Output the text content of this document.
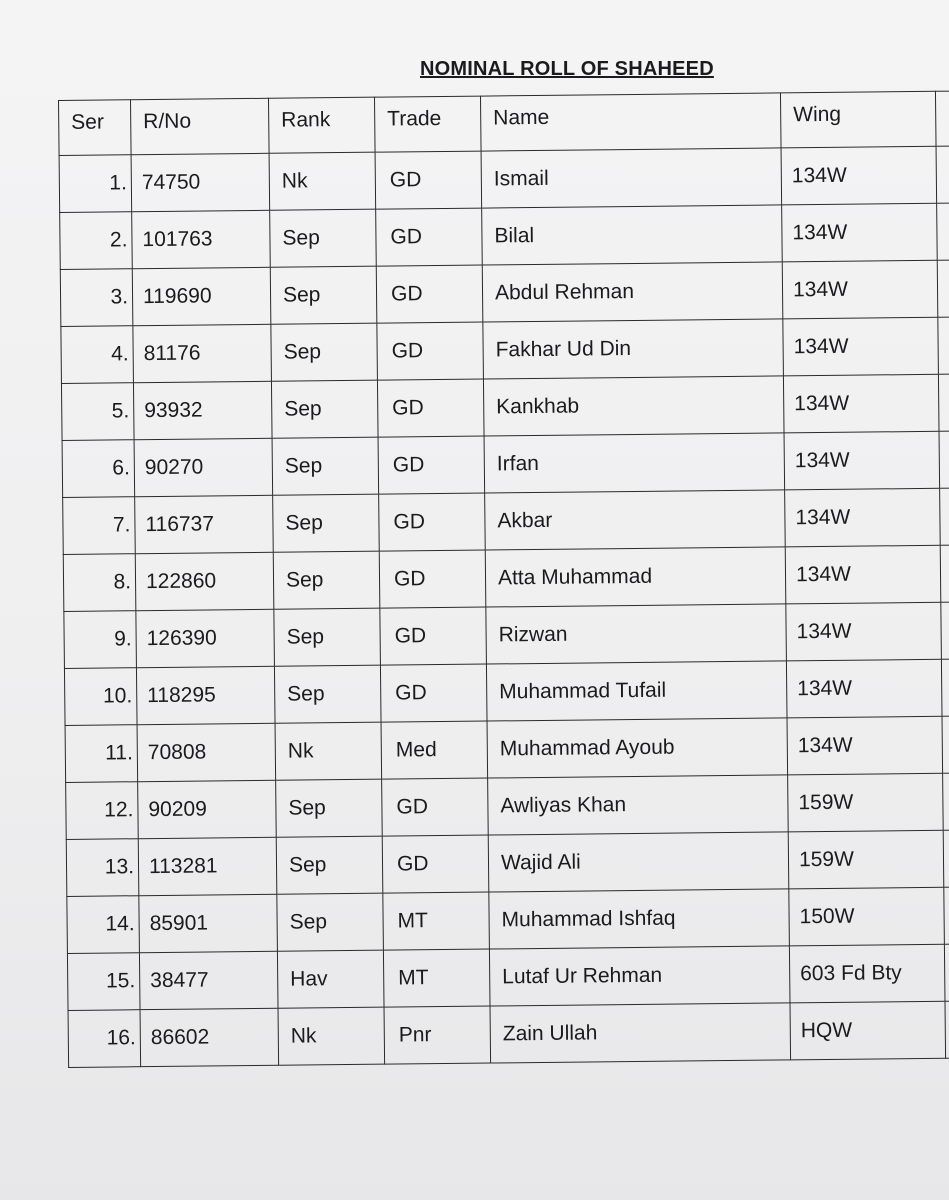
NOMINAL ROLL OF SHAHEED
Ser	R/No	Rank	Trade	Name	Wing	
1.	74750	Nk	GD	Ismail	134W	
2.	101763	Sep	GD	Bilal	134W	
3.	119690	Sep	GD	Abdul Rehman	134W	
4.	81176	Sep	GD	Fakhar Ud Din	134W	
5.	93932	Sep	GD	Kankhab	134W	
6.	90270	Sep	GD	Irfan	134W	
7.	116737	Sep	GD	Akbar	134W	
8.	122860	Sep	GD	Atta Muhammad	134W	
9.	126390	Sep	GD	Rizwan	134W	
10.	118295	Sep	GD	Muhammad Tufail	134W	
11.	70808	Nk	Med	Muhammad Ayoub	134W	
12.	90209	Sep	GD	Awliyas Khan	159W	
13.	113281	Sep	GD	Wajid Ali	159W	
14.	85901	Sep	MT	Muhammad Ishfaq	150W	
15.	38477	Hav	MT	Lutaf Ur Rehman	603 Fd Bty	
16.	86602	Nk	Pnr	Zain Ullah	HQW	
